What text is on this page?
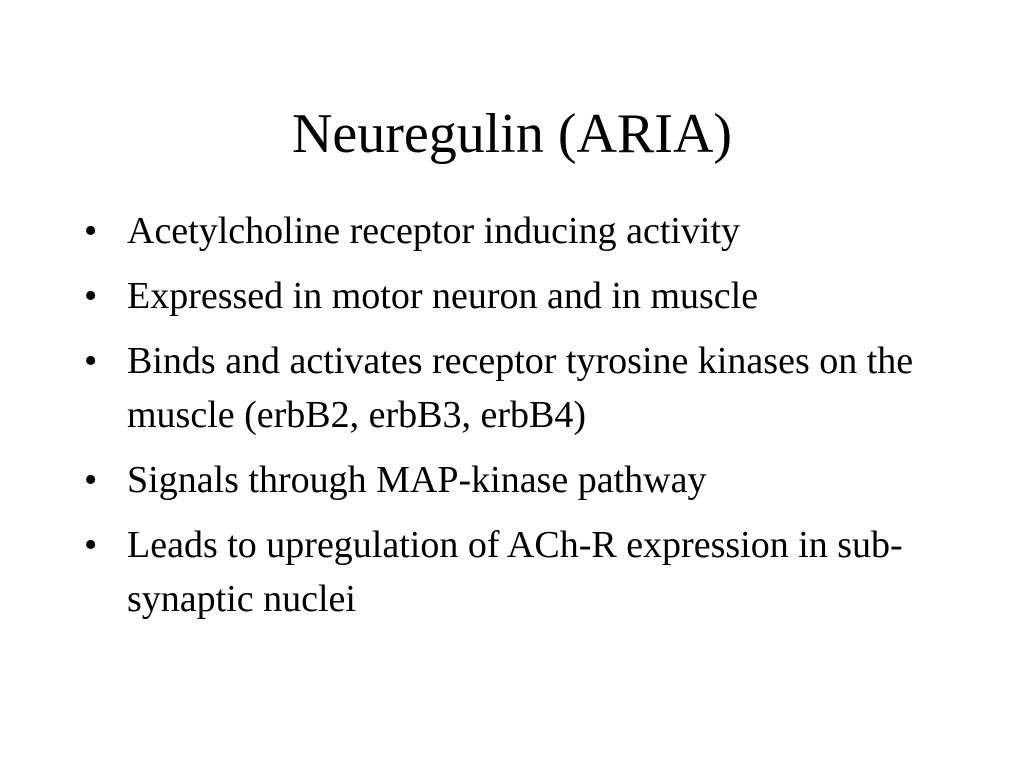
Neuregulin (ARIA)
• Acetylcholine receptor inducing activity
• Expressed in motor neuron and in muscle
• Binds and activates receptor tyrosine kinases on the muscle (erbB2, erbB3, erbB4)
• Signals through MAP-kinase pathway
• Leads to upregulation of ACh-R expression in sub-synaptic nuclei
